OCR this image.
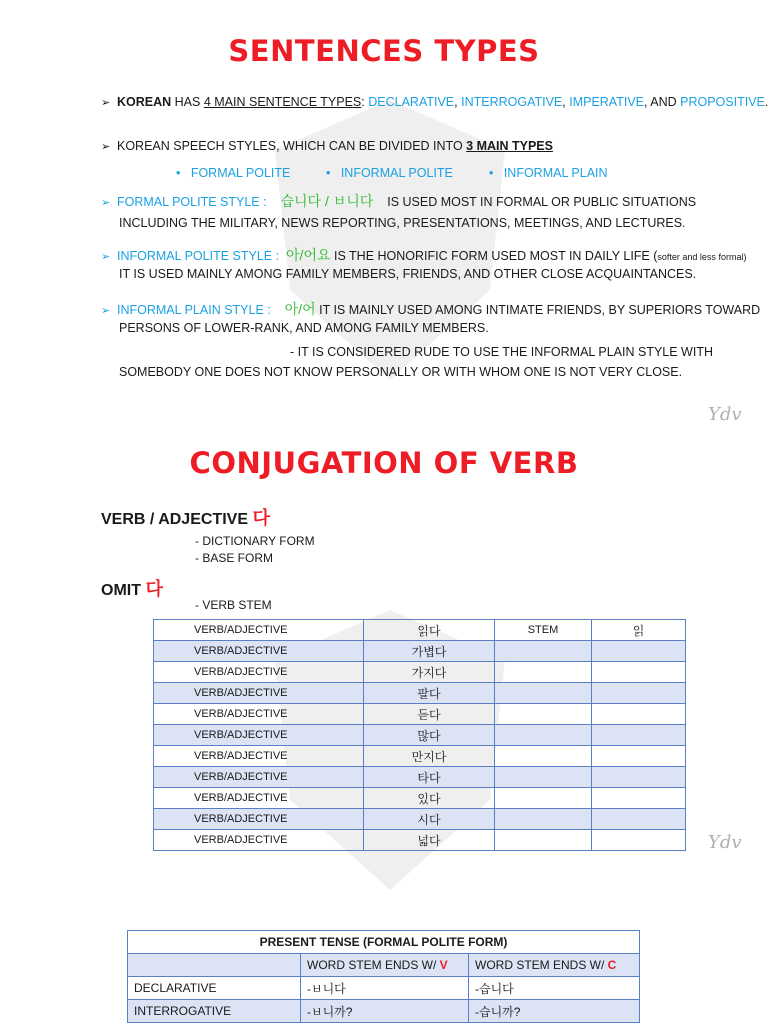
SENTENCES TYPES
➢ KOREAN HAS 4 MAIN SENTENCE TYPES: DECLARATIVE, INTERROGATIVE, IMPERATIVE, AND PROPOSITIVE
➢ KOREAN SPEECH STYLES, WHICH CAN BE DIVIDED INTO 3 MAIN TYPES
• FORMAL POLITE	• INFORMAL POLITE	• INFORMAL PLAIN
➢ FORMAL POLITE STYLE : 습니다 / ㅂ니다 IS USED MOST IN FORMAL OR PUBLIC SITUATIONS
INCLUDING THE MILITARY, NEWS REPORTING, PRESENTATIONS, MEETINGS, AND LECTURES.
➢ INFORMAL POLITE STYLE : 아/어요 IS THE HONORIFIC FORM USED MOST IN DAILY LIFE (softer and less formal)
IT IS USED MAINLY AMONG FAMILY MEMBERS, FRIENDS, AND OTHER CLOSE ACQUAINTANCES.
➢ INFORMAL PLAIN STYLE : 아/어 IT IS MAINLY USED AMONG INTIMATE FRIENDS, BY SUPERIORS TOWARD
PERSONS OF LOWER-RANK, AND AMONG FAMILY MEMBERS.
- IT IS CONSIDERED RUDE TO USE THE INFORMAL PLAIN STYLE WITH
SOMEBODY ONE DOES NOT KNOW PERSONALLY OR WITH WHOM ONE IS NOT VERY CLOSE.
Ydv
CONJUGATION OF VERB
VERB / ADJECTIVE 다
- DICTIONARY FORM
- BASE FORM
OMIT 다
- VERB STEM
VERB/ADJECTIVE	읽다	STEM	읽
VERB/ADJECTIVE	가볍다		
VERB/ADJECTIVE	가지다		
VERB/ADJECTIVE	팔다		
VERB/ADJECTIVE	듣다		
VERB/ADJECTIVE	많다		
VERB/ADJECTIVE	만지다		
VERB/ADJECTIVE	타다		
VERB/ADJECTIVE	있다		
VERB/ADJECTIVE	시다		
VERB/ADJECTIVE	넓다			Ydv
PRESENT TENSE (FORMAL POLITE FORM)		
	WORD STEM ENDS W/ V	WORD STEM ENDS W/ C
DECLARATIVE	-ㅂ니다	-습니다
INTERROGATIVE	-ㅂ니까?	-습니까?
